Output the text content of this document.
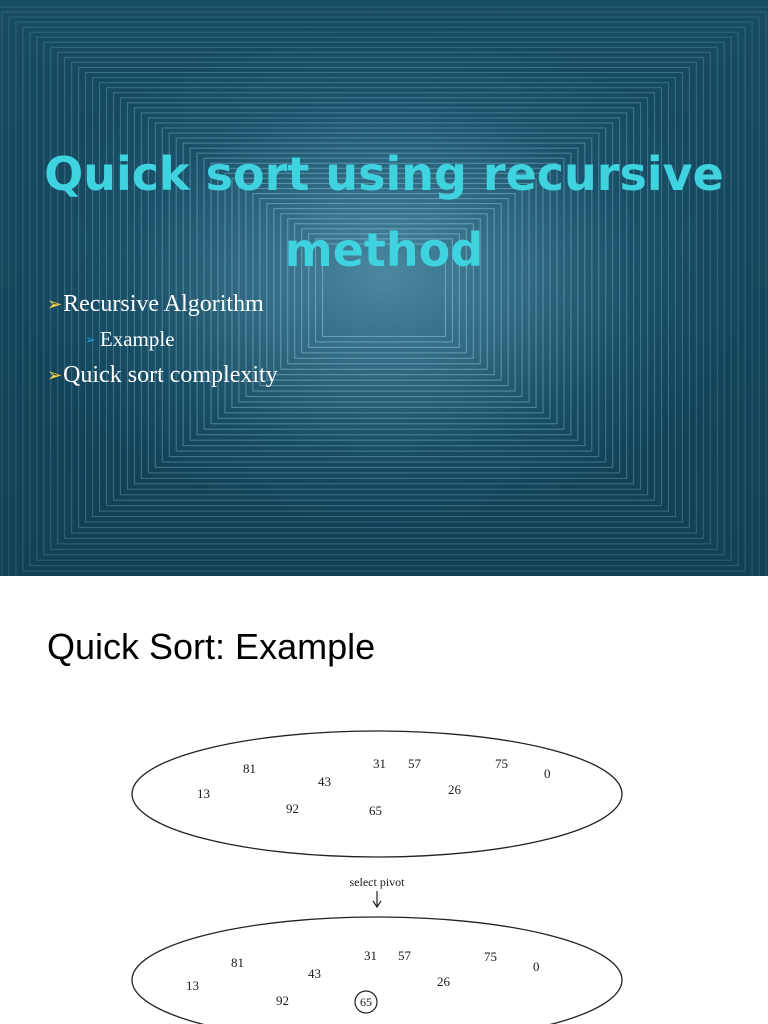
Quick sort using recursive
method
➢ Recursive Algorithm
➢ Example
➢ Quick sort complexity
Quick Sort: Example
81
13
92
43
31 57
65
26
75
0
select pivot
81
13
92
43
31 57
65
26
75
0
